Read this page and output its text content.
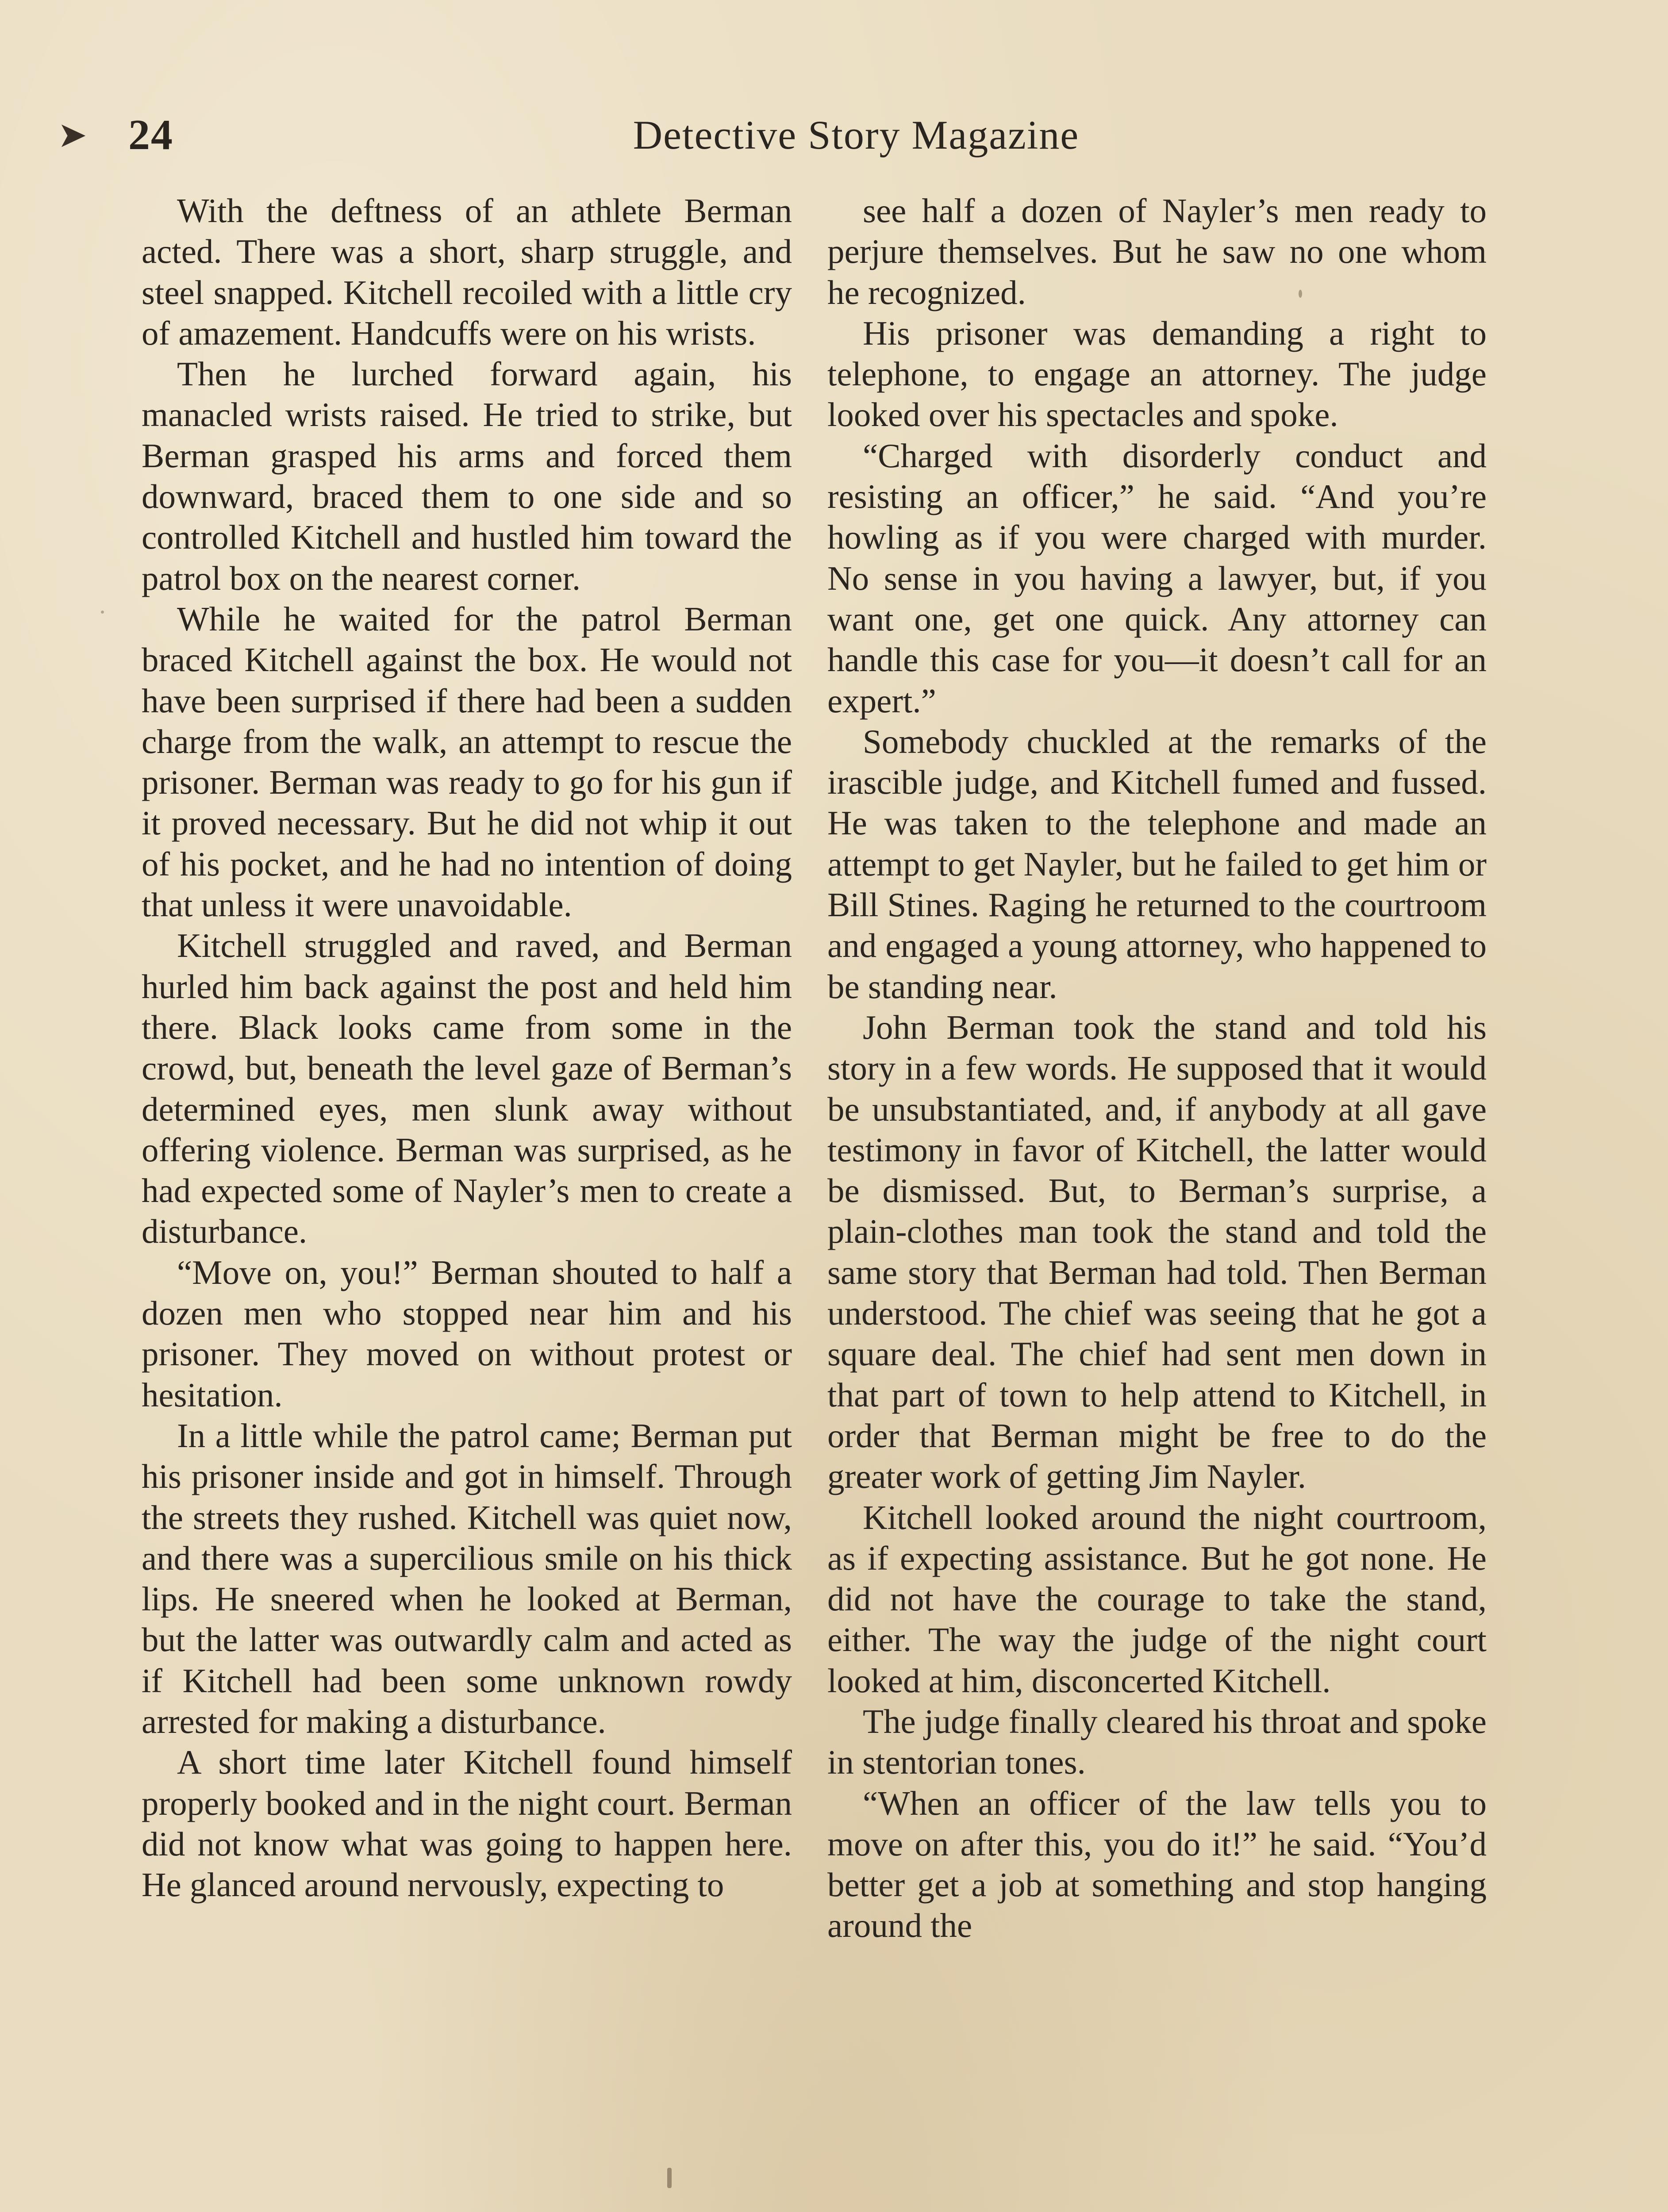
➤ 24	Detective Story Magazine

With the deftness of an athlete Berman acted. There was a short, sharp struggle, and steel snapped. Kitchell recoiled with a little cry of amazement. Handcuffs were on his wrists.

Then he lurched forward again, his manacled wrists raised. He tried to strike, but Berman grasped his arms and forced them downward, braced them to one side and so controlled Kitchell and hustled him toward the patrol box on the nearest corner.

While he waited for the patrol Berman braced Kitchell against the box. He would not have been surprised if there had been a sudden charge from the walk, an attempt to rescue the prisoner. Berman was ready to go for his gun if it proved necessary. But he did not whip it out of his pocket, and he had no intention of doing that unless it were unavoidable.

Kitchell struggled and raved, and Berman hurled him back against the post and held him there. Black looks came from some in the crowd, but, beneath the level gaze of Berman’s determined eyes, men slunk away without offering violence. Berman was surprised, as he had expected some of Nayler’s men to create a disturbance.

“Move on, you!” Berman shouted to half a dozen men who stopped near him and his prisoner. They moved on without protest or hesitation.

In a little while the patrol came; Berman put his prisoner inside and got in himself. Through the streets they rushed. Kitchell was quiet now, and there was a supercilious smile on his thick lips. He sneered when he looked at Berman, but the latter was outwardly calm and acted as if Kitchell had been some unknown rowdy arrested for making a disturbance.

A short time later Kitchell found himself properly booked and in the night court. Berman did not know what was going to happen here. He glanced around nervously, expecting to

see half a dozen of Nayler’s men ready to perjure themselves. But he saw no one whom he recognized.

His prisoner was demanding a right to telephone, to engage an attorney. The judge looked over his spectacles and spoke.

“Charged with disorderly conduct and resisting an officer,” he said. “And you’re howling as if you were charged with murder. No sense in you having a lawyer, but, if you want one, get one quick. Any attorney can handle this case for you—it doesn’t call for an expert.”

Somebody chuckled at the remarks of the irascible judge, and Kitchell fumed and fussed. He was taken to the telephone and made an attempt to get Nayler, but he failed to get him or Bill Stines. Raging he returned to the courtroom and engaged a young attorney, who happened to be standing near.

John Berman took the stand and told his story in a few words. He supposed that it would be unsubstantiated, and, if anybody at all gave testimony in favor of Kitchell, the latter would be dismissed. But, to Berman’s surprise, a plain-clothes man took the stand and told the same story that Berman had told. Then Berman understood. The chief was seeing that he got a square deal. The chief had sent men down in that part of town to help attend to Kitchell, in order that Berman might be free to do the greater work of getting Jim Nayler.

Kitchell looked around the night courtroom, as if expecting assistance. But he got none. He did not have the courage to take the stand, either. The way the judge of the night court looked at him, disconcerted Kitchell.

The judge finally cleared his throat and spoke in stentorian tones.

“When an officer of the law tells you to move on after this, you do it!” he said. “You’d better get a job at something and stop hanging around the
